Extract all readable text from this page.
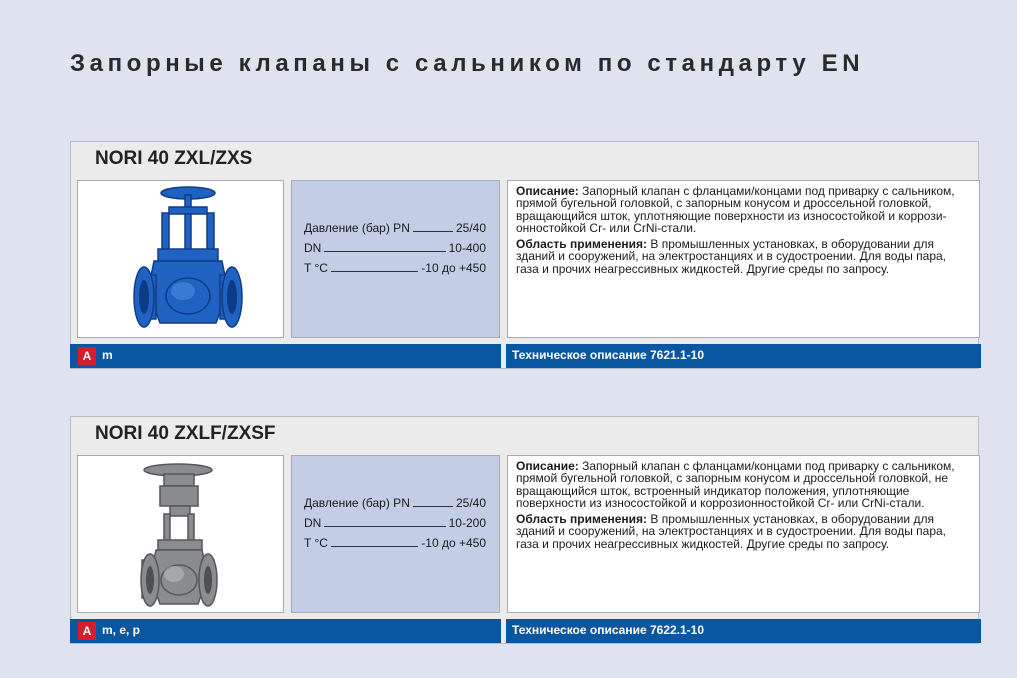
Запорные клапаны с сальником по стандарту EN
NORI 40 ZXL/ZXS
Давление (бар) PN	25/40
DN	10-400
T °C	-10 до +450

Описание: Запорный клапан с фланцами/концами под приварку с сальником, прямой бугельной головкой, с запорным конусом и дроссельной головкой, вращающийся шток, уплотняющие поверхности из износостойкой и коррози-онностойкой Cr- или CrNi-стали.

Область применения: В промышленных установках, в оборудовании для зданий и сооружений, на электростанциях и в судостроении. Для воды пара, газа и прочих неагрессивных жидкостей. Другие среды по запросу.

A m	Техническое описание 7621.1-10
NORI 40 ZXLF/ZXSF
Давление (бар) PN	25/40
DN	10-200
T °C	-10 до +450

Описание: Запорный клапан с фланцами/концами под приварку с сальником, прямой бугельной головкой, с запорным конусом и дроссельной головкой, не вращающийся шток, встроенный индикатор положения, уплотняющие поверхности из износостойкой и коррозионностойкой Cr- или CrNi-стали.

Область применения: В промышленных установках, в оборудовании для зданий и сооружений, на электростанциях и в судостроении. Для воды пара, газа и прочих неагрессивных жидкостей. Другие среды по запросу.

A m, e, p	Техническое описание 7622.1-10
